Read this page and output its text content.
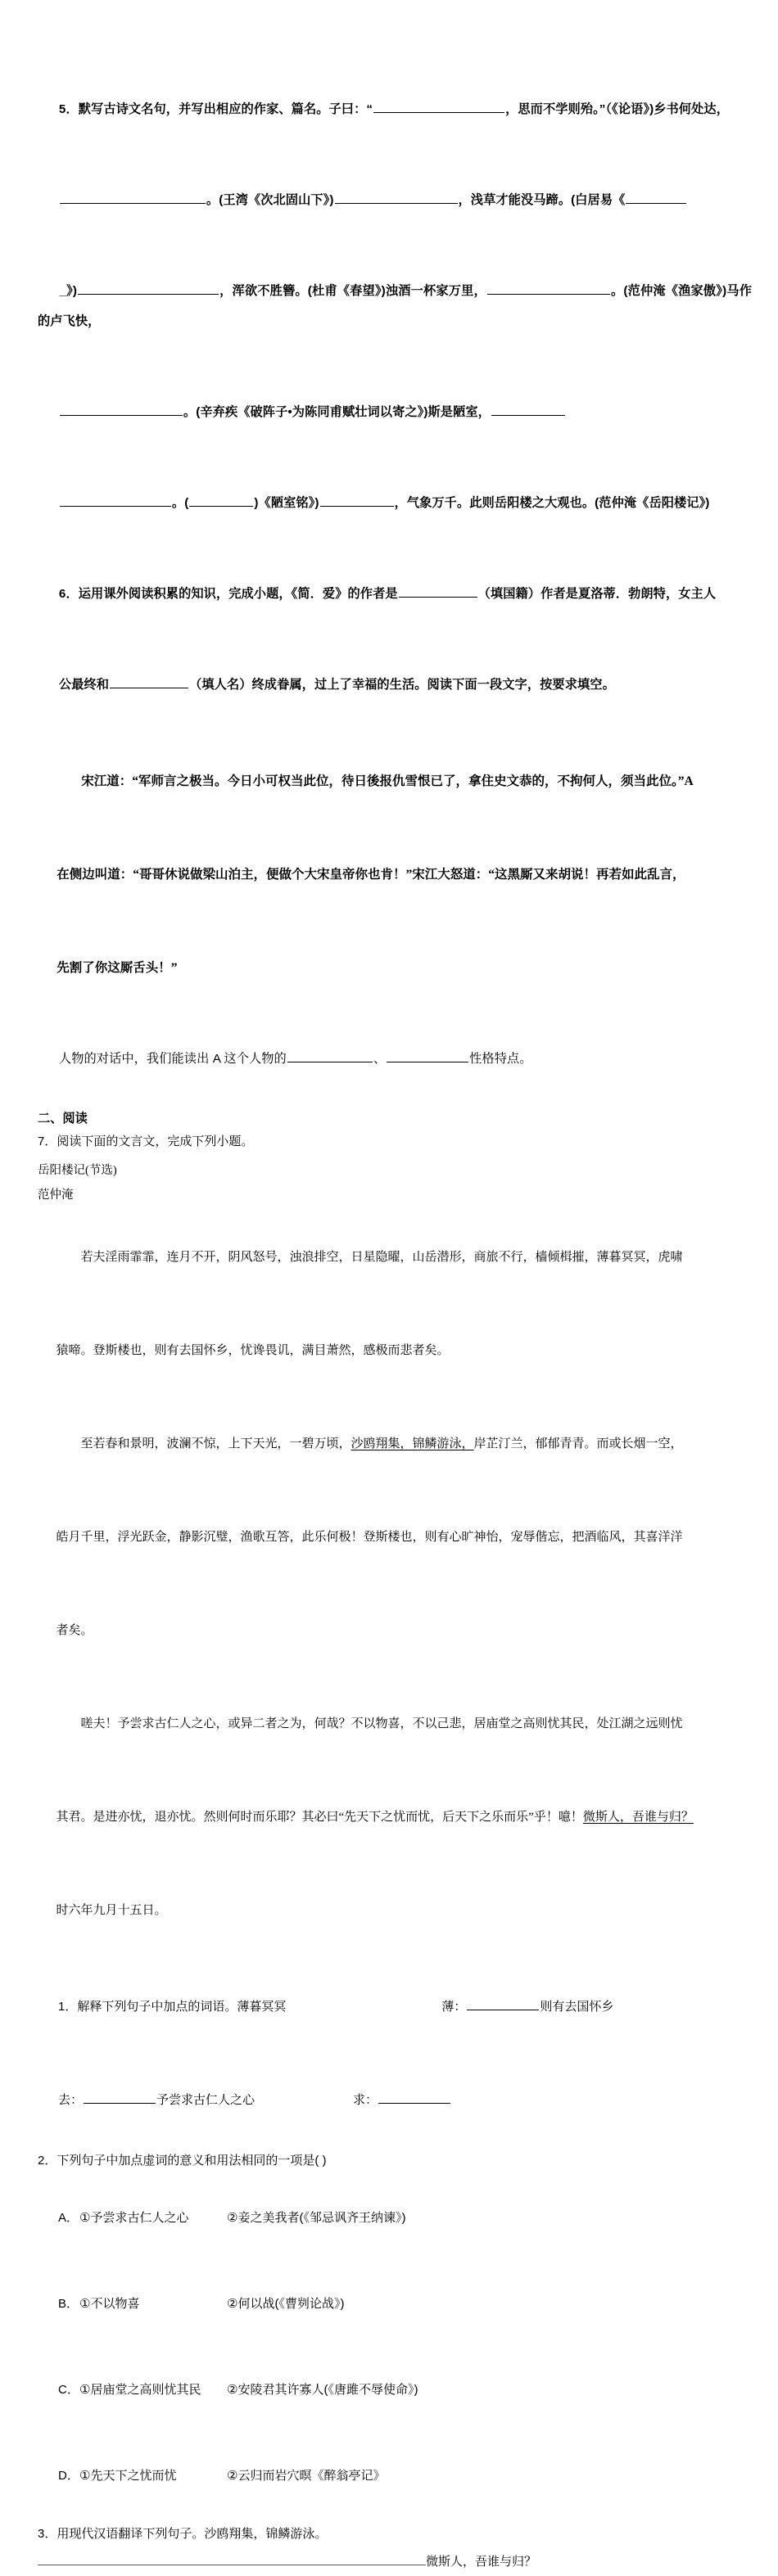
5．默写古诗文名句，并写出相应的作家、篇名。子曰：“	，思而不学则殆。”（《论语》)乡书何处达，

。(王湾《次北固山下》)	，浅草才能没马蹄。(白居易《

_》)	，浑欲不胜簪。(杜甫《春望》)浊酒一杯家万里，	。(范仲淹《渔家傲》)马作的卢飞快，

。(辛弃疾《破阵子•为陈同甫赋壮词以寄之》)斯是陋室，

。(	)《陋室铭》)	，气象万千。此则岳阳楼之大观也。(范仲淹《岳阳楼记》)

6．运用课外阅读积累的知识，完成小题，《简．爱》的作者是	（填国籍）作者是夏洛蒂．勃朗特，女主人

公最终和	（填人名）终成眷属，过上了幸福的生活。阅读下面一段文字，按要求填空。

宋江道：“军师言之极当。今日小可权当此位，待日後报仇雪恨已了，拿住史文恭的，不拘何人，须当此位。”A

在侧边叫道：“哥哥休说做梁山泊主，便做个大宋皇帝你也肯！”宋江大怒道：“这黑厮又来胡说！再若如此乱言，

先割了你这厮舌头！”

人物的对话中，我们能读出 A 这个人物的	、	性格特点。

二、阅读
7．阅读下面的文言文，完成下列小题。
岳阳楼记(节选)
范仲淹

若夫淫雨霏霏，连月不开，阴风怒号，浊浪排空，日星隐曜，山岳潜形，商旅不行，樯倾楫摧，薄暮冥冥，虎啸

猿啼。登斯楼也，则有去国怀乡，忧谗畏讥，满目萧然，感极而悲者矣。

至若春和景明，波澜不惊，上下天光，一碧万顷，沙鸥翔集，锦鳞游泳，岸芷汀兰，郁郁青青。而或长烟一空，

皓月千里，浮光跃金，静影沉璧，渔歌互答，此乐何极！登斯楼也，则有心旷神怡，宠辱偕忘，把酒临风，其喜洋洋

者矣。

嗟夫！予尝求古仁人之心，或异二者之为，何哉？不以物喜，不以己悲，居庙堂之高则忧其民，处江湖之远则忧

其君。是进亦忧，退亦忧。然则何时而乐耶？其必曰“先天下之忧而忧，后天下之乐而乐”乎！噫！微斯人，吾谁与归？

时六年九月十五日。

1．解释下列句子中加点的词语。薄暮冥冥	薄：	则有去国怀乡

去：	予尝求古仁人之心	求：

2．下列句子中加点虚词的意义和用法相同的一项是( )

A．①予尝求古仁人之心	②妾之美我者(《邹忌讽齐王纳谏》)

B．①不以物喜	②何以战(《曹刿论战》)

C．①居庙堂之高则忧其民 ②安陵君其许寡人(《唐雎不辱使命》)

D．①先天下之忧而忧	②云归而岩穴暝《醉翁亭记》

3．用现代汉语翻译下列句子。沙鸥翔集，锦鳞游泳。
微斯人，吾谁与归？
